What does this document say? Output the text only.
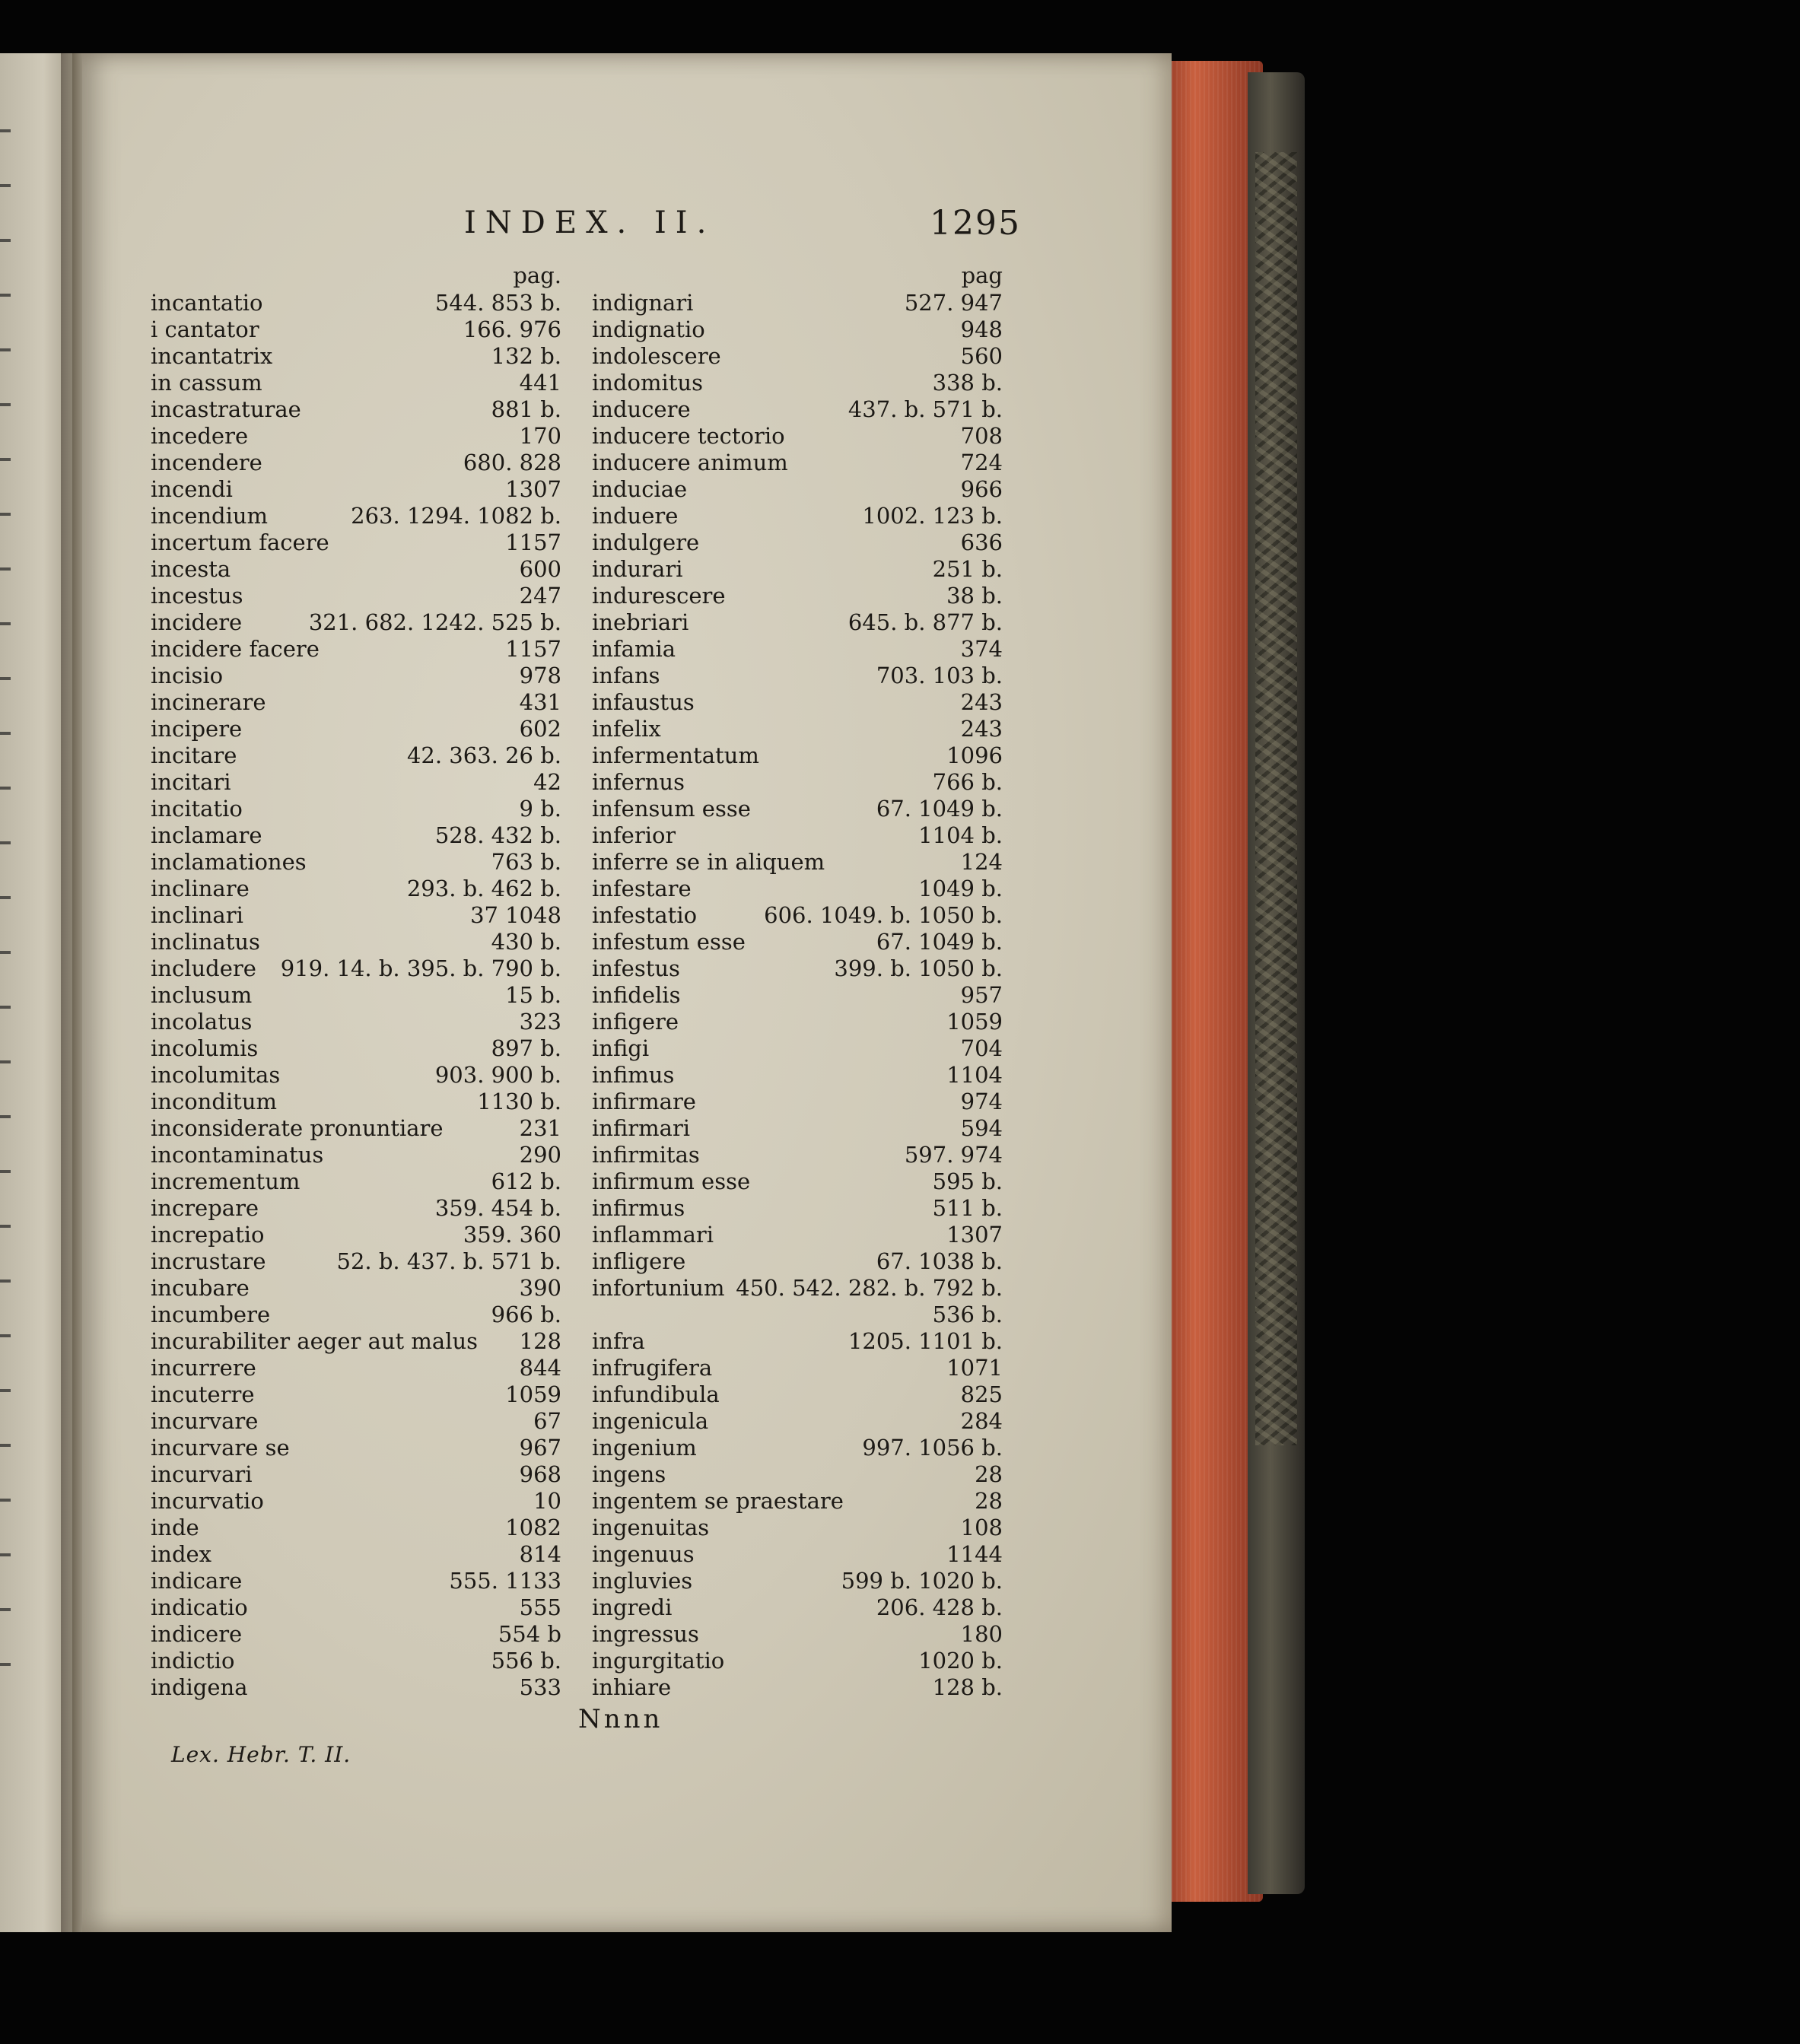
INDEX. II.	1295
pag.
incantatio	544. 853 b.
i cantator	166. 976
incantatrix	132 b.
in cassum	441
incastraturae	881 b.
incedere	170
incendere	680. 828
incendi	1307
incendium	263. 1294. 1082 b.
incertum facere	1157
incesta	600
incestus	247
incidere	321. 682. 1242. 525 b.
incidere facere	1157
incisio	978
incinerare	431
incipere	602
incitare	42. 363. 26 b.
incitari	42
incitatio	9 b.
inclamare	528. 432 b.
inclamationes	763 b.
inclinare	293. b. 462 b.
inclinari	37 1048
inclinatus	430 b.
includere	919. 14. b. 395. b. 790 b.
inclusum	15 b.
incolatus	323
incolumis	897 b.
incolumitas	903. 900 b.
inconditum	1130 b.
inconsiderate pronuntiare	231
incontaminatus	290
incrementum	612 b.
increpare	359. 454 b.
increpatio	359. 360
incrustare	52. b. 437. b. 571 b.
incubare	390
incumbere	966 b.
incurabiliter aeger aut malus	128
incurrere	844
incuterre	1059
incurvare	67
incurvare se	967
incurvari	968
incurvatio	10
inde	1082
index	814
indicare	555. 1133
indicatio	555
indicere	554 b
indictio	556 b.
indigena	533
pag
indignari	527. 947
indignatio	948
indolescere	560
indomitus	338 b.
inducere	437. b. 571 b.
inducere tectorio	708
inducere animum	724
induciae	966
induere	1002. 123 b.
indulgere	636
indurari	251 b.
indurescere	38 b.
inebriari	645. b. 877 b.
infamia	374
infans	703. 103 b.
infaustus	243
infelix	243
infermentatum	1096
infernus	766 b.
infensum esse	67. 1049 b.
inferior	1104 b.
inferre se in aliquem	124
infestare	1049 b.
infestatio	606. 1049. b. 1050 b.
infestum esse	67. 1049 b.
infestus	399. b. 1050 b.
infidelis	957
infigere	1059
infigi	704
infimus	1104
infirmare	974
infirmari	594
infirmitas	597. 974
infirmum esse	595 b.
infirmus	511 b.
inflammari	1307
infligere	67. 1038 b.
infortunium 450. 542. 282. b. 792 b.
536 b.
infra	1205. 1101 b.
infrugifera	1071
infundibula	825
ingenicula	284
ingenium	997. 1056 b.
ingens	28
ingentem se praestare	28
ingenuitas	108
ingenuus	1144
ingluvies	599 b. 1020 b.
ingredi	206. 428 b.
ingressus	180
ingurgitatio	1020 b.
inhiare	128 b.
Nnnn
Lex. Hebr. T. II.
